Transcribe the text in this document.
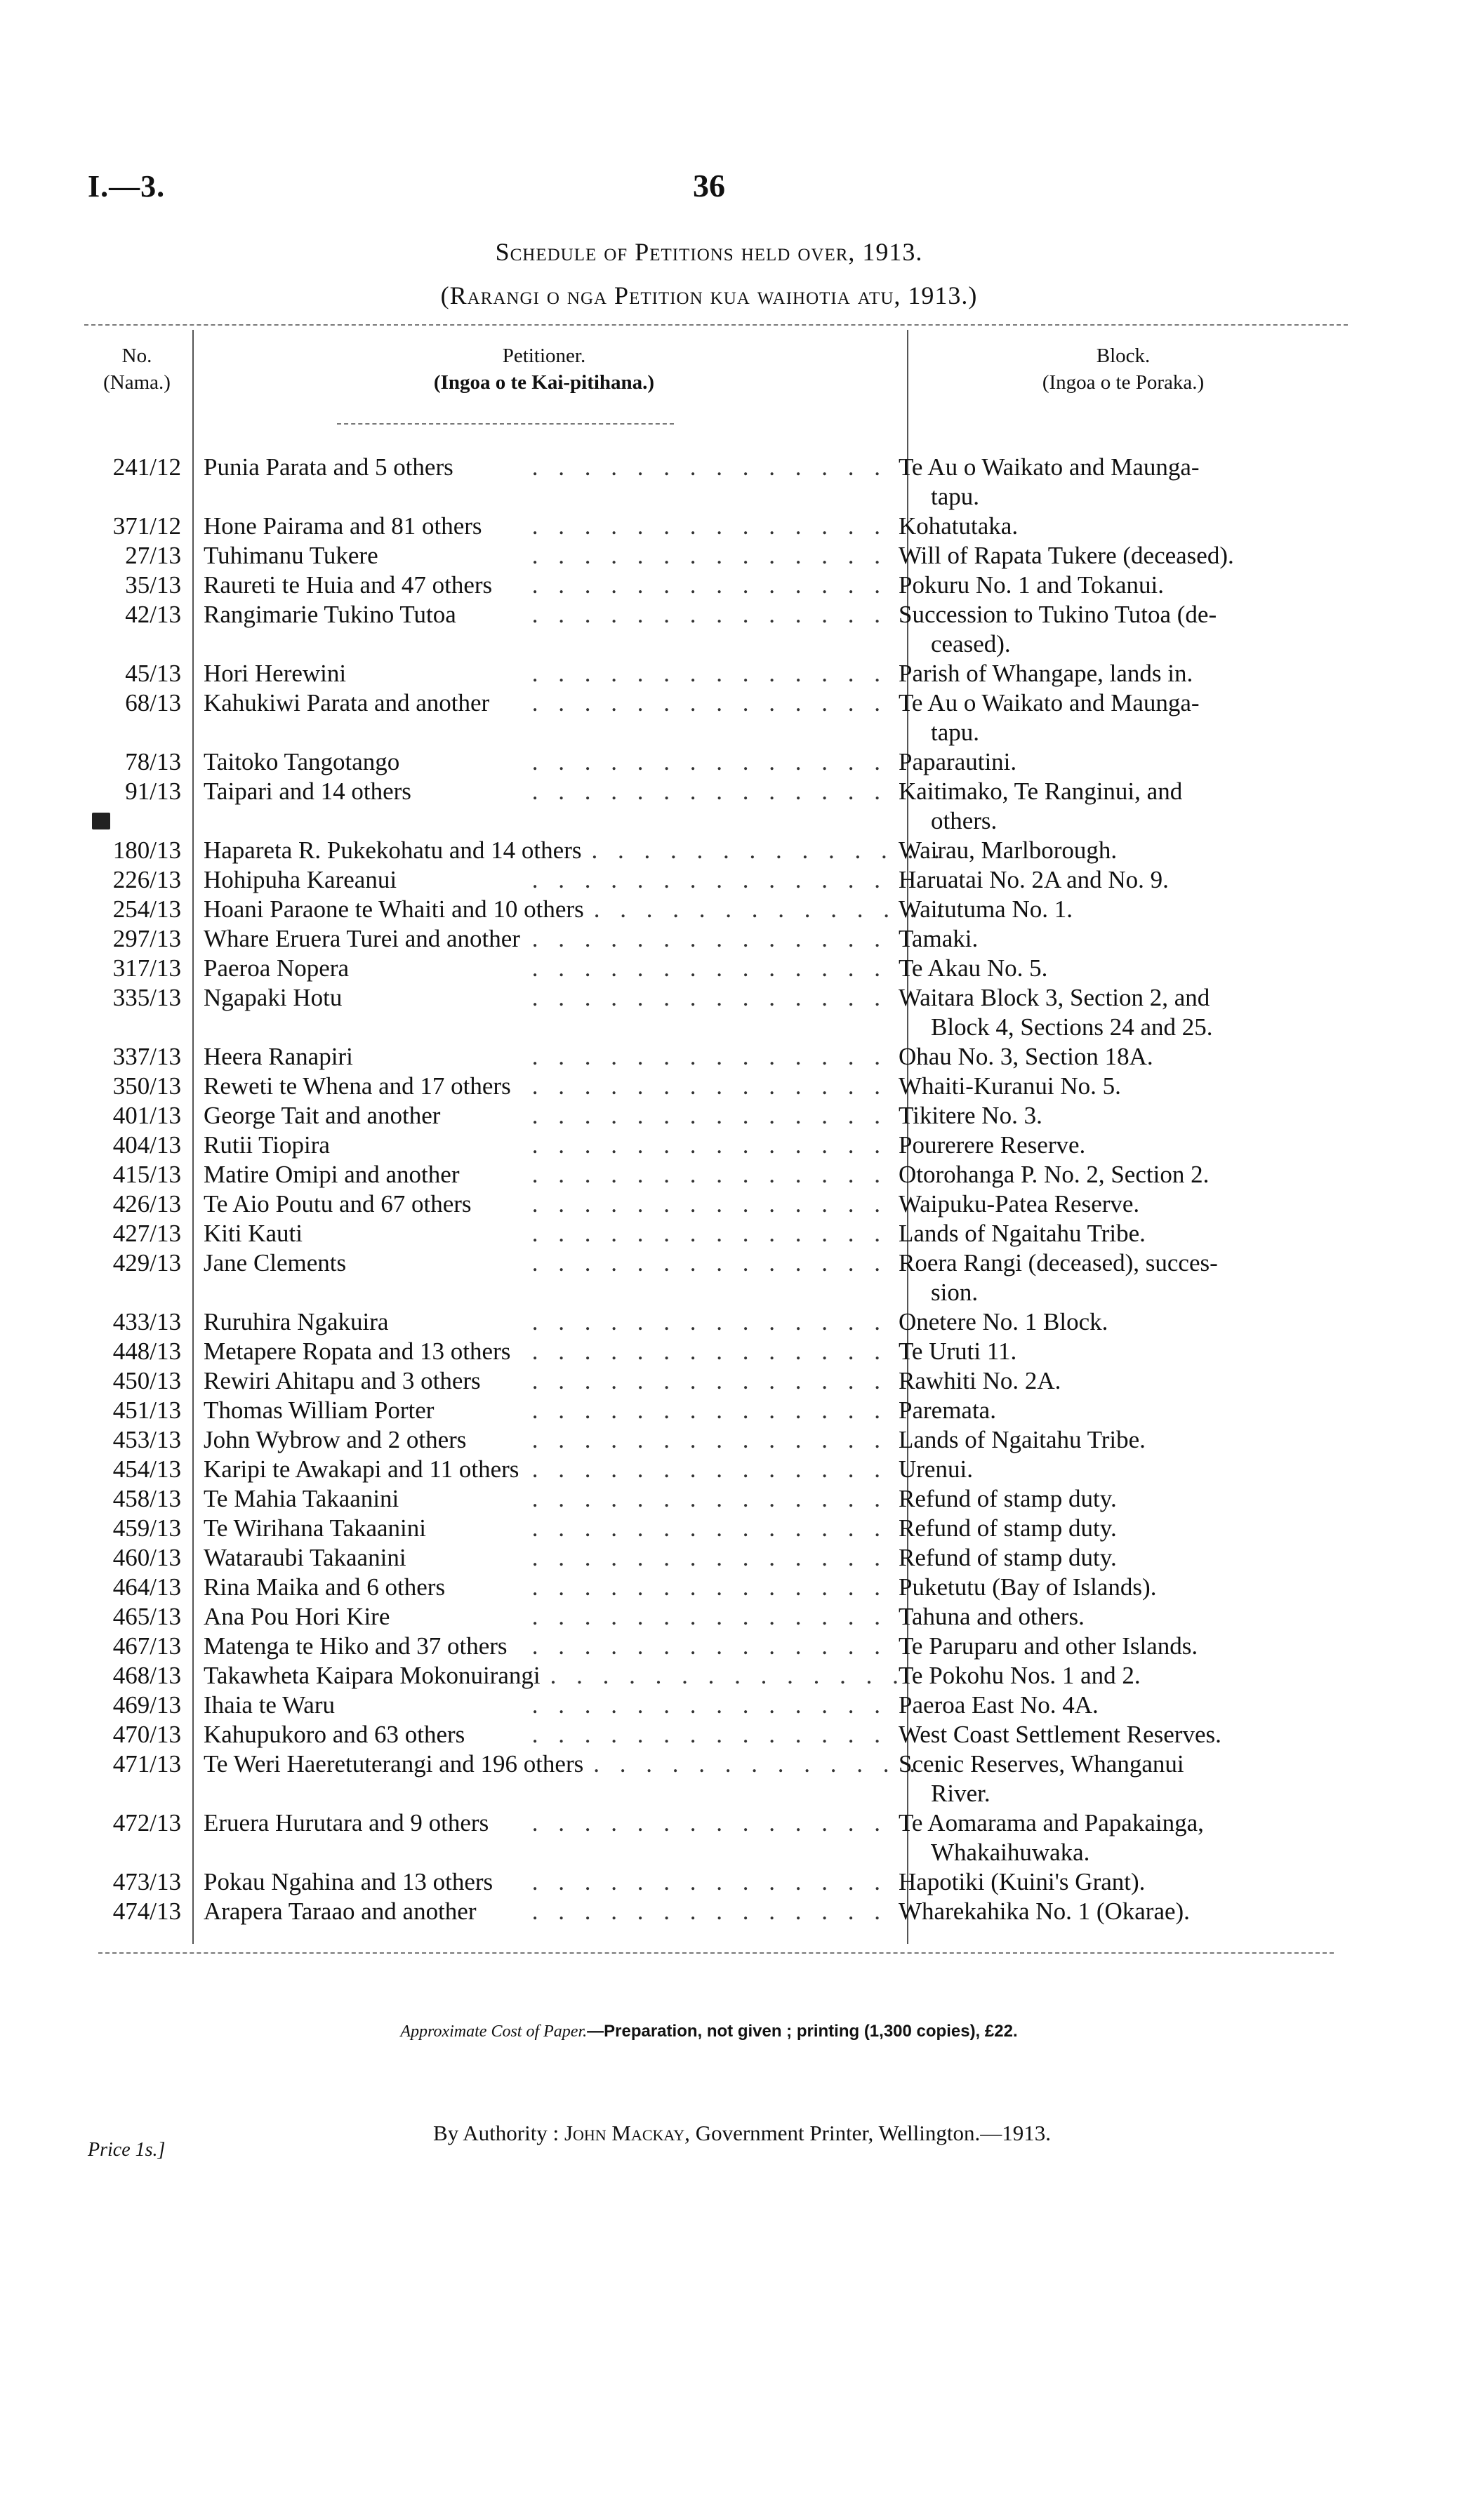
I.—3.	36
Schedule of Petitions held over, 1913.
(Rarangi o nga Petition kua waihotia atu, 1913.)
No.
(Nama.)
Petitioner.
(Ingoa o te Kai-pitihana.)
Block.
(Ingoa o te Poraka.)
241/12 Punia Parata and 5 others	. . . . . . . . . . . . . . Te Au o Waikato and Maunga-
tapu.
371/12 Hone Pairama and 81 others	. . . . . . . . . . . . . . Kohatutaka.
27/13 Tuhimanu Tukere	. . . . . . . . . . . . . . Will of Rapata Tukere (deceased).
35/13 Raureti te Huia and 47 others	. . . . . . . . . . . . . . Pokuru No. 1 and Tokanui.
42/13 Rangimarie Tukino Tutoa	. . . . . . . . . . . . . . Succession to Tukino Tutoa (de-
ceased).
45/13 Hori Herewini	. . . . . . . . . . . . . . Parish of Whangape, lands in.
68/13 Kahukiwi Parata and another	. . . . . . . . . . . . . . Te Au o Waikato and Maunga-
tapu.
78/13 Taitoko Tangotango	. . . . . . . . . . . . . . Paparautini.
91/13 Taipari and 14 others	. . . . . . . . . . . . . . Kaitimako, Te Ranginui, and
others.
180/13 Hapareta R. Pukekohatu and 14 others . . . . . . . . . . . . . .
Wairau, Marlborough.
226/13 Hohipuha Kareanui	. . . . . . . . . . . . . . Haruatai No. 2A and No. 9.
254/13 Hoani Paraone te Whaiti and 10 others . . . . . . . . . . . . . .
Waitutuma No. 1.
297/13 Whare Eruera Turei and another . . . . . . . . . . . . . . Tamaki.
317/13 Paeroa Nopera	. . . . . . . . . . . . . . Te Akau No. 5.
335/13 Ngapaki Hotu	. . . . . . . . . . . . . . Waitara Block 3, Section 2, and
Block 4, Sections 24 and 25.
337/13 Heera Ranapiri	. . . . . . . . . . . . . . Ohau No. 3, Section 18A.
350/13 Reweti te Whena and 17 others . . . . . . . . . . . . . . Whaiti-Kuranui No. 5.
401/13 George Tait and another	. . . . . . . . . . . . . . Tikitere No. 3.
404/13 Rutii Tiopira	. . . . . . . . . . . . . . Pourerere Reserve.
415/13 Matire Omipi and another	. . . . . . . . . . . . . . Otorohanga P. No. 2, Section 2.
426/13 Te Aio Poutu and 67 others	. . . . . . . . . . . . . . Waipuku-Patea Reserve.
427/13 Kiti Kauti	. . . . . . . . . . . . . . Lands of Ngaitahu Tribe.
429/13 Jane Clements	. . . . . . . . . . . . . . Roera Rangi (deceased), succes-
sion.
433/13 Ruruhira Ngakuira	. . . . . . . . . . . . . . Onetere No. 1 Block.
448/13 Metapere Ropata and 13 others . . . . . . . . . . . . . . Te Uruti 11.
450/13 Rewiri Ahitapu and 3 others	. . . . . . . . . . . . . . Rawhiti No. 2A.
451/13 Thomas William Porter	. . . . . . . . . . . . . . Paremata.
453/13 John Wybrow and 2 others	. . . . . . . . . . . . . . Lands of Ngaitahu Tribe.
454/13 Karipi te Awakapi and 11 others . . . . . . . . . . . . . . Urenui.
458/13 Te Mahia Takaanini	. . . . . . . . . . . . . . Refund of stamp duty.
459/13 Te Wirihana Takaanini	. . . . . . . . . . . . . . Refund of stamp duty.
460/13 Wataraubi Takaanini	. . . . . . . . . . . . . . Refund of stamp duty.
464/13 Rina Maika and 6 others	. . . . . . . . . . . . . . Puketutu (Bay of Islands).
465/13 Ana Pou Hori Kire	. . . . . . . . . . . . . . Tahuna and others.
467/13 Matenga te Hiko and 37 others	. . . . . . . . . . . . . . Te Paruparu and other Islands.
468/13 Takawheta Kaipara Mokonuirangi . . . . . . . . . . . . . .
Te Pokohu Nos. 1 and 2.
469/13 Ihaia te Waru	. . . . . . . . . . . . . . Paeroa East No. 4A.
470/13 Kahupukoro and 63 others	. . . . . . . . . . . . . . West Coast Settlement Reserves.
471/13 Te Weri Haeretuterangi and 196 others . . . . . . . . . . . . . .
Scenic Reserves, Whanganui
River.
472/13 Eruera Hurutara and 9 others	. . . . . . . . . . . . . . Te Aomarama and Papakainga,
Whakaihuwaka.
473/13 Pokau Ngahina and 13 others	. . . . . . . . . . . . . . Hapotiki (Kuini's Grant).
474/13 Arapera Taraao and another	. . . . . . . . . . . . . . Wharekahika No. 1 (Okarae).
Approximate Cost of Paper.—Preparation, not given ; printing (1,300 copies), £22.
By Authority : John Mackay, Government Printer, Wellington.—1913.
Price 1s.]
